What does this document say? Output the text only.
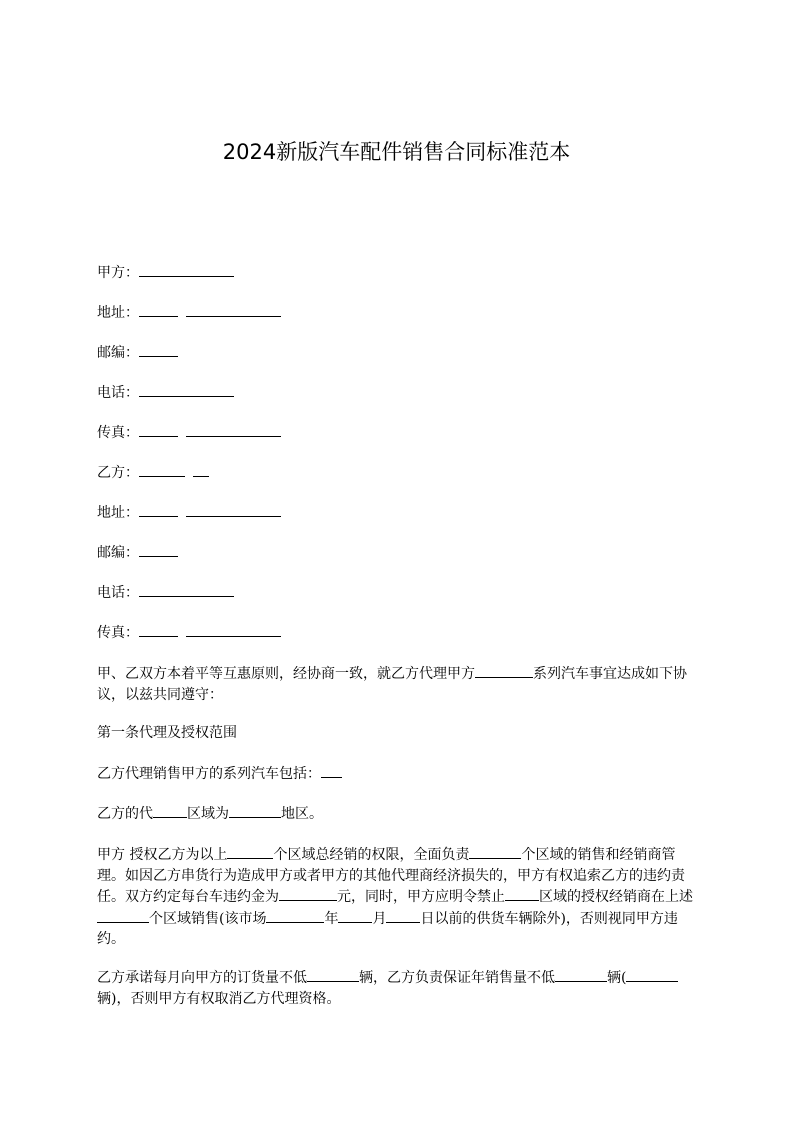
2024新版汽车配件销售合同标准范本
甲方：
地址：
邮编：
电话：
传真：
乙方：
地址：
邮编：
电话：
传真：
甲、乙双方本着平等互惠原则，经协商一致，就乙方代理甲方	系列汽车事宜达成如下协议，以兹共同遵守：
第一条代理及授权范围
乙方代理销售甲方的系列汽车包括：
乙方的代 区域为	地区。
甲方 授权乙方为以上	个区域总经销的权限，全面负责	个区域的销售和经销商管理。如因乙方串货行为造成甲方或者甲方的其他代理商经济损失的，甲方有权追索乙方的违约责任。双方约定每台车违约金为	元，同时，甲方应明令禁止 区域的授权经销商在上述个区域销售(该市场	年 月 日以前的供货车辆除外)，否则视同甲方违约。
乙方承诺每月向甲方的订货量不低	辆，乙方负责保证年销售量不低	辆(辆)，否则甲方有权取消乙方代理资格。
